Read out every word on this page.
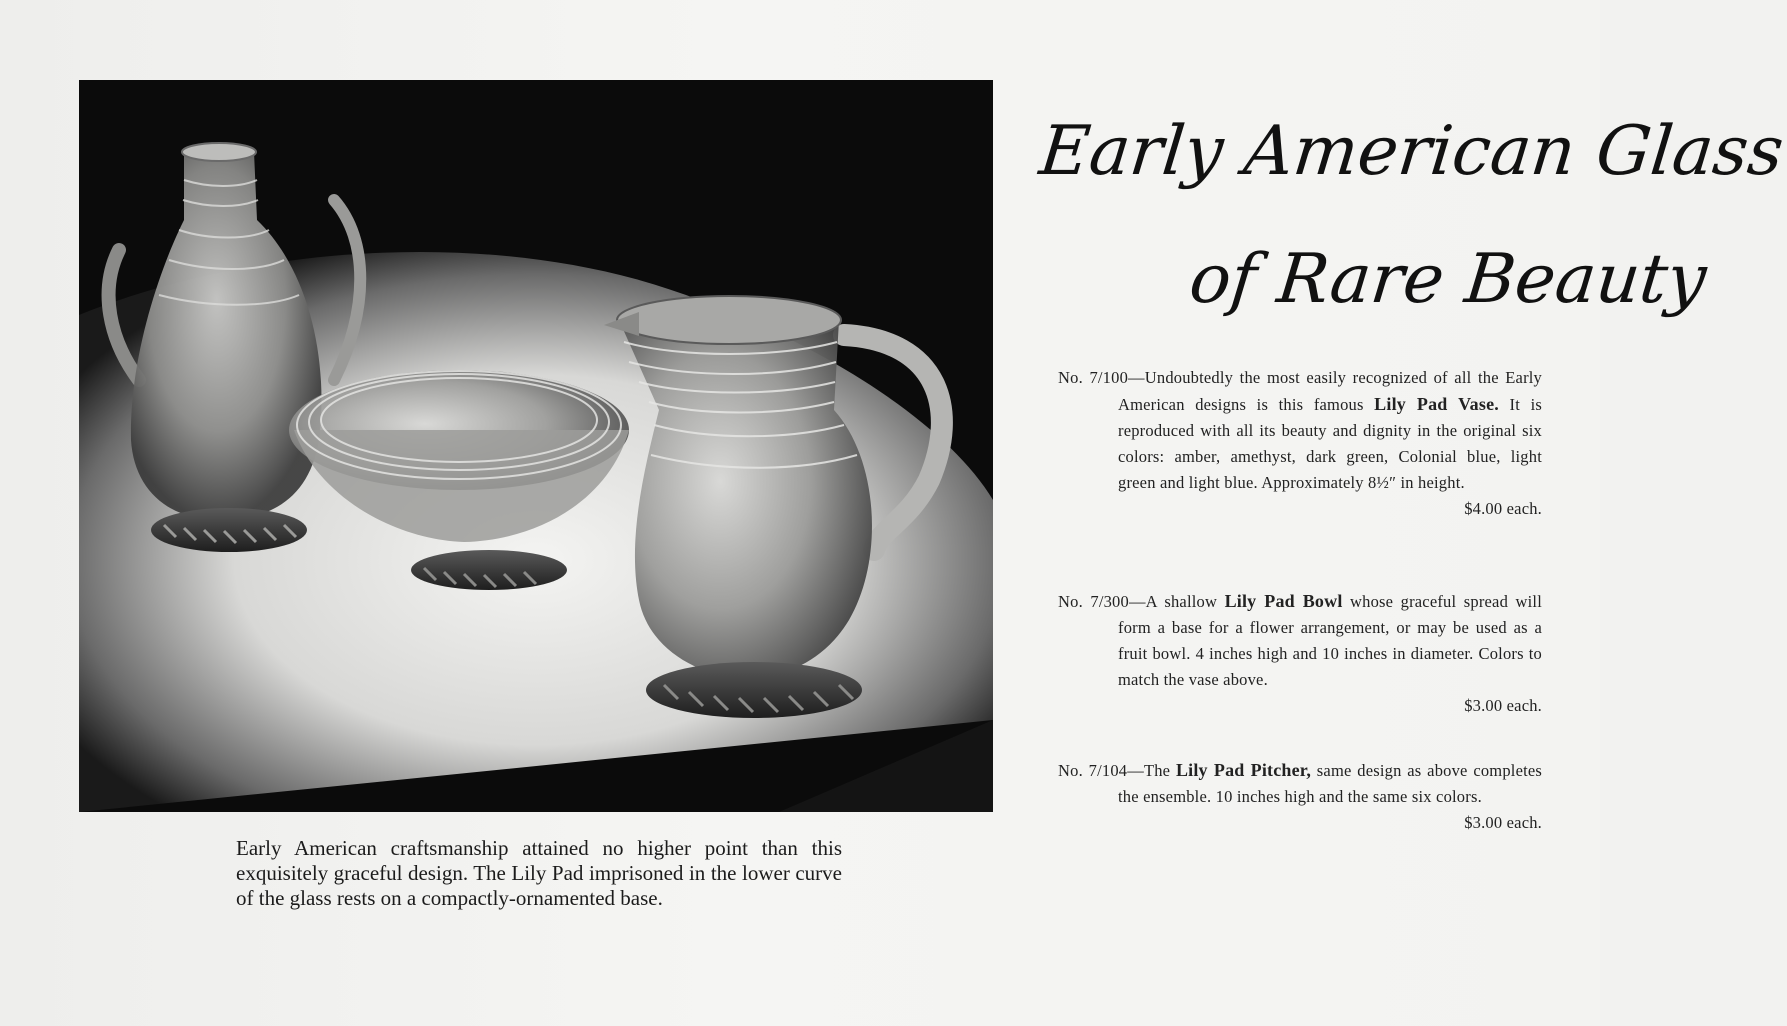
Early American craftsmanship attained no higher point than this exquisitely graceful design. The Lily Pad imprisoned in the lower curve of the glass rests on a compactly-ornamented base.
Early American Glass
of Rare Beauty

No. 7/100—Undoubtedly the most easily recognized of all the Early American designs is this famous Lily Pad Vase. It is reproduced with all its beauty and dignity in the original six colors: amber, amethyst, dark green, Colonial blue, light green and light blue. Approximately 8½″ in height.

$4.00 each.

No. 7/300—A shallow Lily Pad Bowl whose graceful spread will form a base for a flower arrangement, or may be used as a fruit bowl. 4 inches high and 10 inches in diameter. Colors to match the vase above.

$3.00 each.

No. 7/104—The Lily Pad Pitcher, same design as above completes the ensemble. 10 inches high and the same six colors.

$3.00 each.
